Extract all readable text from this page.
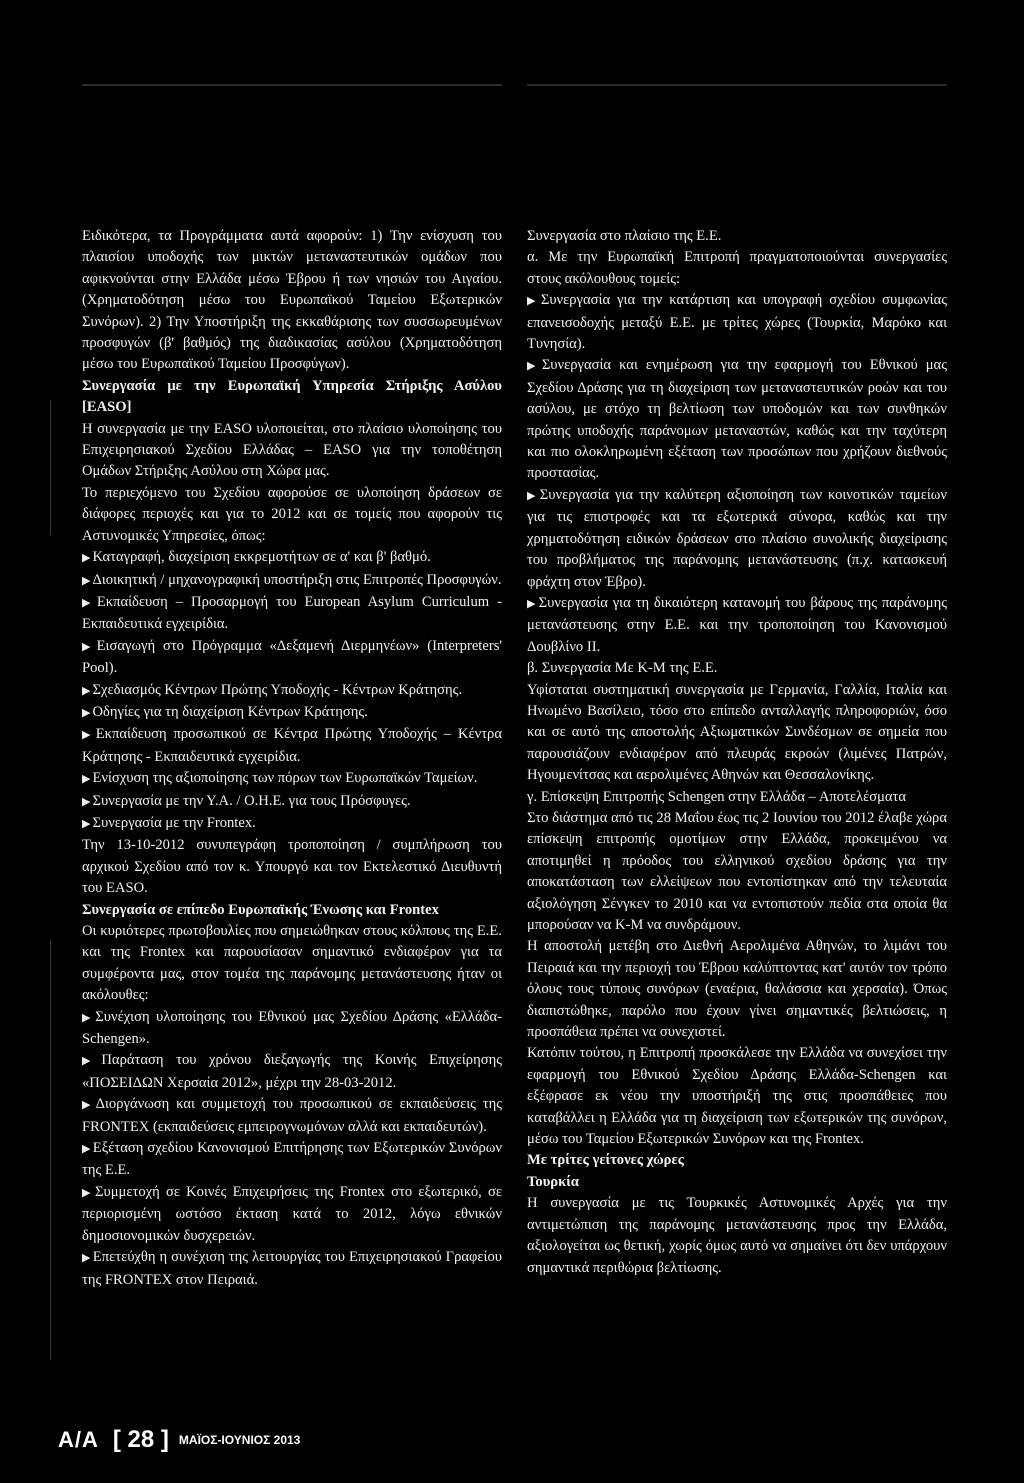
Ειδικότερα, τα Προγράμματα αυτά αφορούν: 1) Την ενίσχυση του πλαισίου υποδοχής των μικτών μεταναστευτικών ομάδων που αφικνούνται στην Ελλάδα μέσω Έβρου ή των νησιών του Αιγαίου. (Χρηματοδότηση μέσω του Ευρωπαϊκού Ταμείου Εξωτερικών Συνόρων). 2) Την Υποστήριξη της εκκαθάρισης των συσσωρευμένων προσφυγών (β' βαθμός) της διαδικασίας ασύλου (Χρηματοδότηση μέσω του Ευρωπαϊκού Ταμείου Προσφύγων).

Συνεργασία με την Ευρωπαϊκή Υπηρεσία Στήριξης Ασύλου [EASO]

Η συνεργασία με την EASO υλοποιείται, στο πλαίσιο υλοποίησης του Επιχειρησιακού Σχεδίου Ελλάδας – EASO για την τοποθέτηση Ομάδων Στήριξης Ασύλου στη Χώρα μας.

Το περιεχόμενο του Σχεδίου αφορούσε σε υλοποίηση δράσεων σε διάφορες περιοχές και για το 2012 και σε τομείς που αφορούν τις Αστυνομικές Υπηρεσίες, όπως:

▶ Καταγραφή, διαχείριση εκκρεμοτήτων σε α' και β' βαθμό.

▶ Διοικητική / μηχανογραφική υποστήριξη στις Επιτροπές Προσφυγών.

▶ Εκπαίδευση – Προσαρμογή του European Asylum Curriculum - Εκπαιδευτικά εγχειρίδια.

▶ Εισαγωγή στο Πρόγραμμα «Δεξαμενή Διερμηνέων» (Interpreters' Pool).

▶ Σχεδιασμός Κέντρων Πρώτης Υποδοχής - Κέντρων Κράτησης.

▶ Οδηγίες για τη διαχείριση Κέντρων Κράτησης.

▶ Εκπαίδευση προσωπικού σε Κέντρα Πρώτης Υποδοχής – Κέντρα Κράτησης - Εκπαιδευτικά εγχειρίδια.

▶ Ενίσχυση της αξιοποίησης των πόρων των Ευρωπαϊκών Ταμείων.

▶ Συνεργασία με την Υ.Α. / Ο.Η.Ε. για τους Πρόσφυγες.

▶ Συνεργασία με την Frontex.

Την 13-10-2012 συνυπεγράφη τροποποίηση / συμπλήρωση του αρχικού Σχεδίου από τον κ. Υπουργό και τον Εκτελεστικό Διευθυντή του EASO.

Συνεργασία σε επίπεδο Ευρωπαϊκής Ένωσης και Frontex

Οι κυριότερες πρωτοβουλίες που σημειώθηκαν στους κόλπους της Ε.Ε. και της Frontex και παρουσίασαν σημαντικό ενδιαφέρον για τα συμφέροντα μας, στον τομέα της παράνομης μετανάστευσης ήταν οι ακόλουθες:

▶ Συνέχιση υλοποίησης του Εθνικού μας Σχεδίου Δράσης «Ελλάδα-Schengen».

▶ Παράταση του χρόνου διεξαγωγής της Κοινής Επιχείρησης «ΠΟΣΕΙΔΩΝ Χερσαία 2012», μέχρι την 28-03-2012.

▶ Διοργάνωση και συμμετοχή του προσωπικού σε εκπαιδεύσεις της FRONTEX (εκπαιδεύσεις εμπειρογνωμόνων αλλά και εκπαιδευτών).

▶ Εξέταση σχεδίου Κανονισμού Επιτήρησης των Εξωτερικών Συνόρων της Ε.Ε.

▶ Συμμετοχή σε Κοινές Επιχειρήσεις της Frontex στο εξωτερικό, σε περιορισμένη ωστόσο έκταση κατά το 2012, λόγω εθνικών δημοσιονομικών δυσχερειών.

▶ Επετεύχθη η συνέχιση της λειτουργίας του Επιχειρησιακού Γραφείου της FRONTEX στον Πειραιά.

Συνεργασία στο πλαίσιο της Ε.Ε.

α. Με την Ευρωπαϊκή Επιτροπή πραγματοποιούνται συνεργασίες στους ακόλουθους τομείς:

▶ Συνεργασία για την κατάρτιση και υπογραφή σχεδίου συμφωνίας επανεισοδοχής μεταξύ Ε.Ε. με τρίτες χώρες (Τουρκία, Μαρόκο και Τυνησία).

▶ Συνεργασία και ενημέρωση για την εφαρμογή του Εθνικού μας Σχεδίου Δράσης για τη διαχείριση των μεταναστευτικών ροών και του ασύλου, με στόχο τη βελτίωση των υποδομών και των συνθηκών πρώτης υποδοχής παράνομων μεταναστών, καθώς και την ταχύτερη και πιο ολοκληρωμένη εξέταση των προσώπων που χρήζουν διεθνούς προστασίας.

▶ Συνεργασία για την καλύτερη αξιοποίηση των κοινοτικών ταμείων για τις επιστροφές και τα εξωτερικά σύνορα, καθώς και την χρηματοδότηση ειδικών δράσεων στο πλαίσιο συνολικής διαχείρισης του προβλήματος της παράνομης μετανάστευσης (π.χ. κατασκευή φράχτη στον Έβρο).

▶ Συνεργασία για τη δικαιότερη κατανομή του βάρους της παράνομης μετανάστευσης στην Ε.Ε. και την τροποποίηση του Κανονισμού Δουβλίνο ΙΙ.

β. Συνεργασία Με Κ-Μ της Ε.Ε.

Υφίσταται συστηματική συνεργασία με Γερμανία, Γαλλία, Ιταλία και Ηνωμένο Βασίλειο, τόσο στο επίπεδο ανταλλαγής πληροφοριών, όσο και σε αυτό της αποστολής Αξιωματικών Συνδέσμων σε σημεία που παρουσιάζουν ενδιαφέρον από πλευράς εκροών (λιμένες Πατρών, Ηγουμενίτσας και αερολιμένες Αθηνών και Θεσσαλονίκης.

γ. Επίσκεψη Επιτροπής Schengen στην Ελλάδα – Αποτελέσματα

Στο διάστημα από τις 28 Μαΐου έως τις 2 Ιουνίου του 2012 έλαβε χώρα επίσκεψη επιτροπής ομοτίμων στην Ελλάδα, προκειμένου να αποτιμηθεί η πρόοδος του ελληνικού σχεδίου δράσης για την αποκατάσταση των ελλείψεων που εντοπίστηκαν από την τελευταία αξιολόγηση Σένγκεν το 2010 και να εντοπιστούν πεδία στα οποία θα μπορούσαν να Κ-Μ να συνδράμουν.

Η αποστολή μετέβη στο Διεθνή Αερολιμένα Αθηνών, το λιμάνι του Πειραιά και την περιοχή του Έβρου καλύπτοντας κατ' αυτόν τον τρόπο όλους τους τύπους συνόρων (εναέρια, θαλάσσια και χερσαία). Όπως διαπιστώθηκε, παρόλο που έχουν γίνει σημαντικές βελτιώσεις, η προσπάθεια πρέπει να συνεχιστεί.

Κατόπιν τούτου, η Επιτροπή προσκάλεσε την Ελλάδα να συνεχίσει την εφαρμογή του Εθνικού Σχεδίου Δράσης Ελλάδα-Schengen και εξέφρασε εκ νέου την υποστήριξή της στις προσπάθειες που καταβάλλει η Ελλάδα για τη διαχείριση των εξωτερικών της συνόρων, μέσω του Ταμείου Εξωτερικών Συνόρων και της Frontex.

Με τρίτες γείτονες χώρες

Τουρκία

Η συνεργασία με τις Τουρκικές Αστυνομικές Αρχές για την αντιμετώπιση της παράνομης μετανάστευσης προς την Ελλάδα, αξιολογείται ως θετική, χωρίς όμως αυτό να σημαίνει ότι δεν υπάρχουν σημαντικά περιθώρια βελτίωσης.

Α/Α [ 28 ] ΜΑΪΟΣ-ΙΟΥΝΙΟΣ 2013
